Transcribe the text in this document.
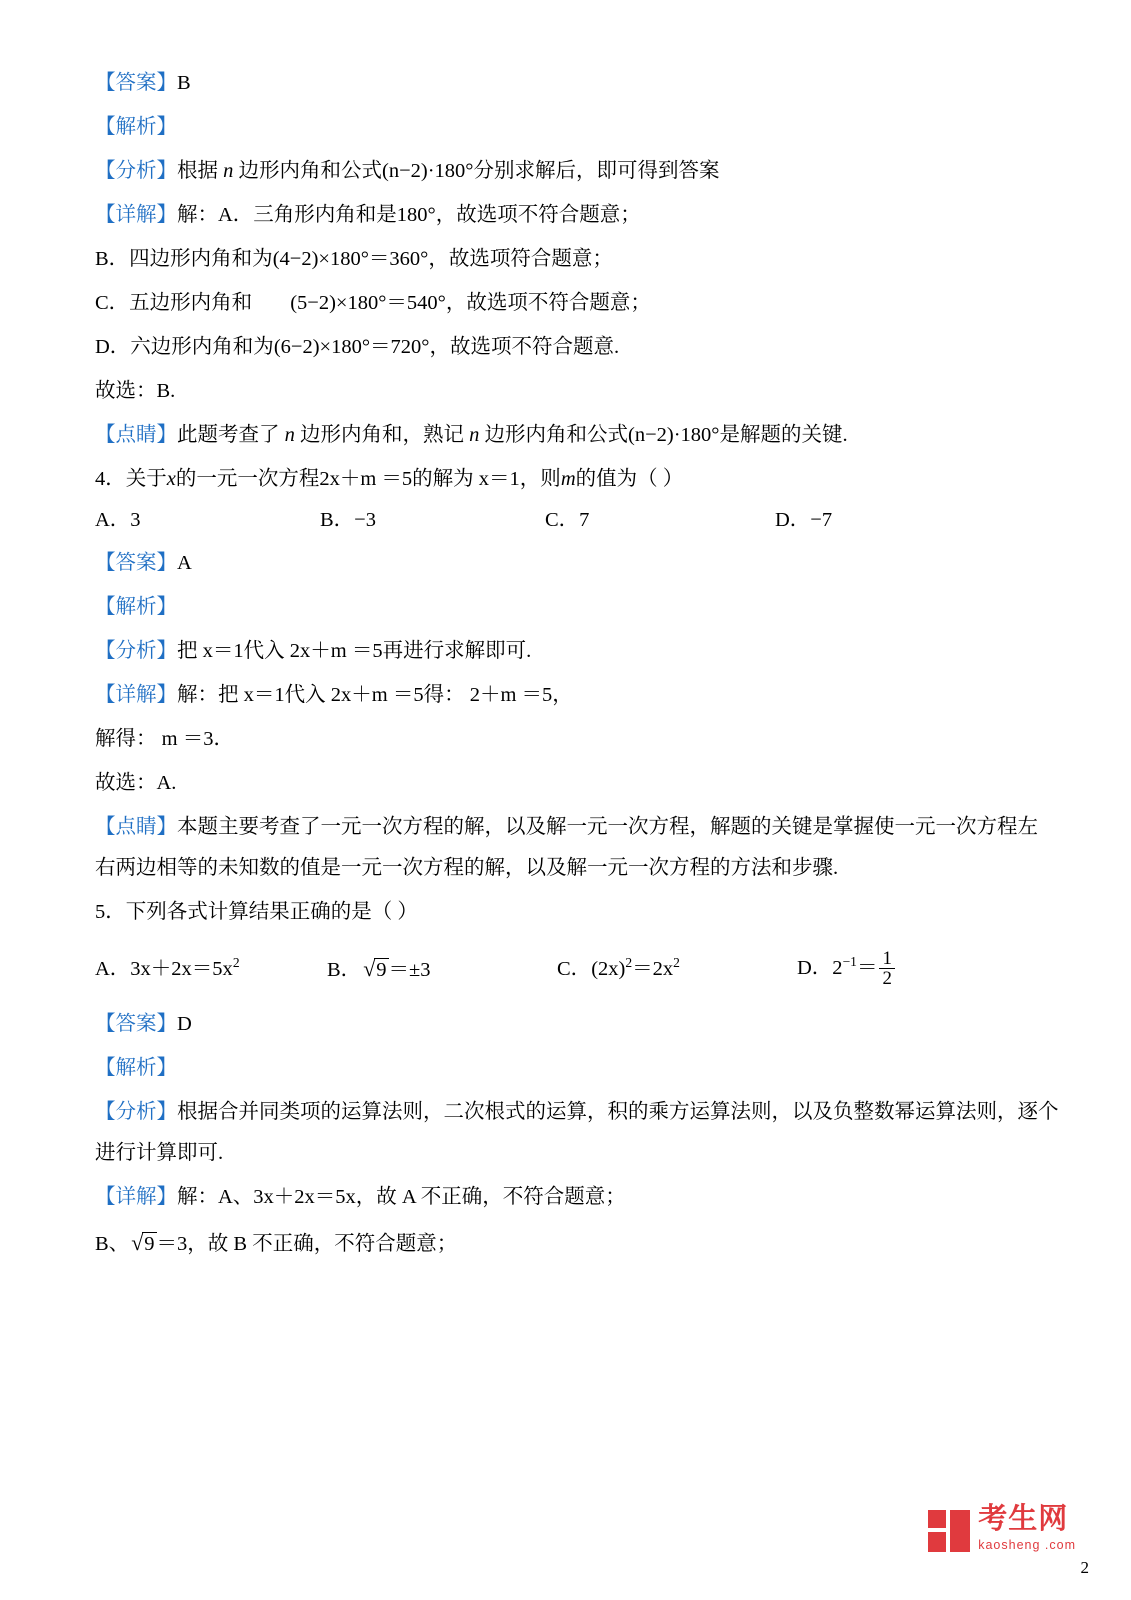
【答案】B

【解析】

【分析】根据 n 边形内角和公式(n−2)·180°分别求解后，即可得到答案

【详解】解：A．三角形内角和是180°，故选项不符合题意；

B．四边形内角和为(4−2)×180°＝360°，故选项符合题意；

C．五边形内角和 (5−2)×180°＝540°，故选项不符合题意；

D．六边形内角和为(6−2)×180°＝720°，故选项不符合题意.

故选：B.

【点睛】此题考查了 n 边形内角和，熟记 n 边形内角和公式(n−2)·180°是解题的关键.

4．关于x的一元一次方程2x＋m ＝5的解为 x＝1，则m的值为（ ）

A．3	B．−3	C．7	D．−7

【答案】A

【解析】

【分析】把 x＝1代入 2x＋m ＝5再进行求解即可.

【详解】解：把 x＝1代入 2x＋m ＝5得： 2＋m ＝5，

解得： m ＝3．

故选：A.

【点睛】本题主要考查了一元一次方程的解，以及解一元一次方程，解题的关键是掌握使一元一次方程左

右两边相等的未知数的值是一元一次方程的解，以及解一元一次方程的方法和步骤.

5．下列各式计算结果正确的是（ ）

A．$3x+2x=5x^2$	B．√9＝±3	C．$(2x)^2=2x^2$	D．$2^{-1}= \frac{1}{2}$

【答案】D

【解析】

【分析】根据合并同类项的运算法则，二次根式的运算，积的乘方运算法则，以及负整数幂运算法则，逐个

进行计算即可.

【详解】解：A、3x＋2x＝5x，故 A 不正确，不符合题意；

B、√9＝3，故 B 不正确，不符合题意；

考生网
kaosheng .com
2
